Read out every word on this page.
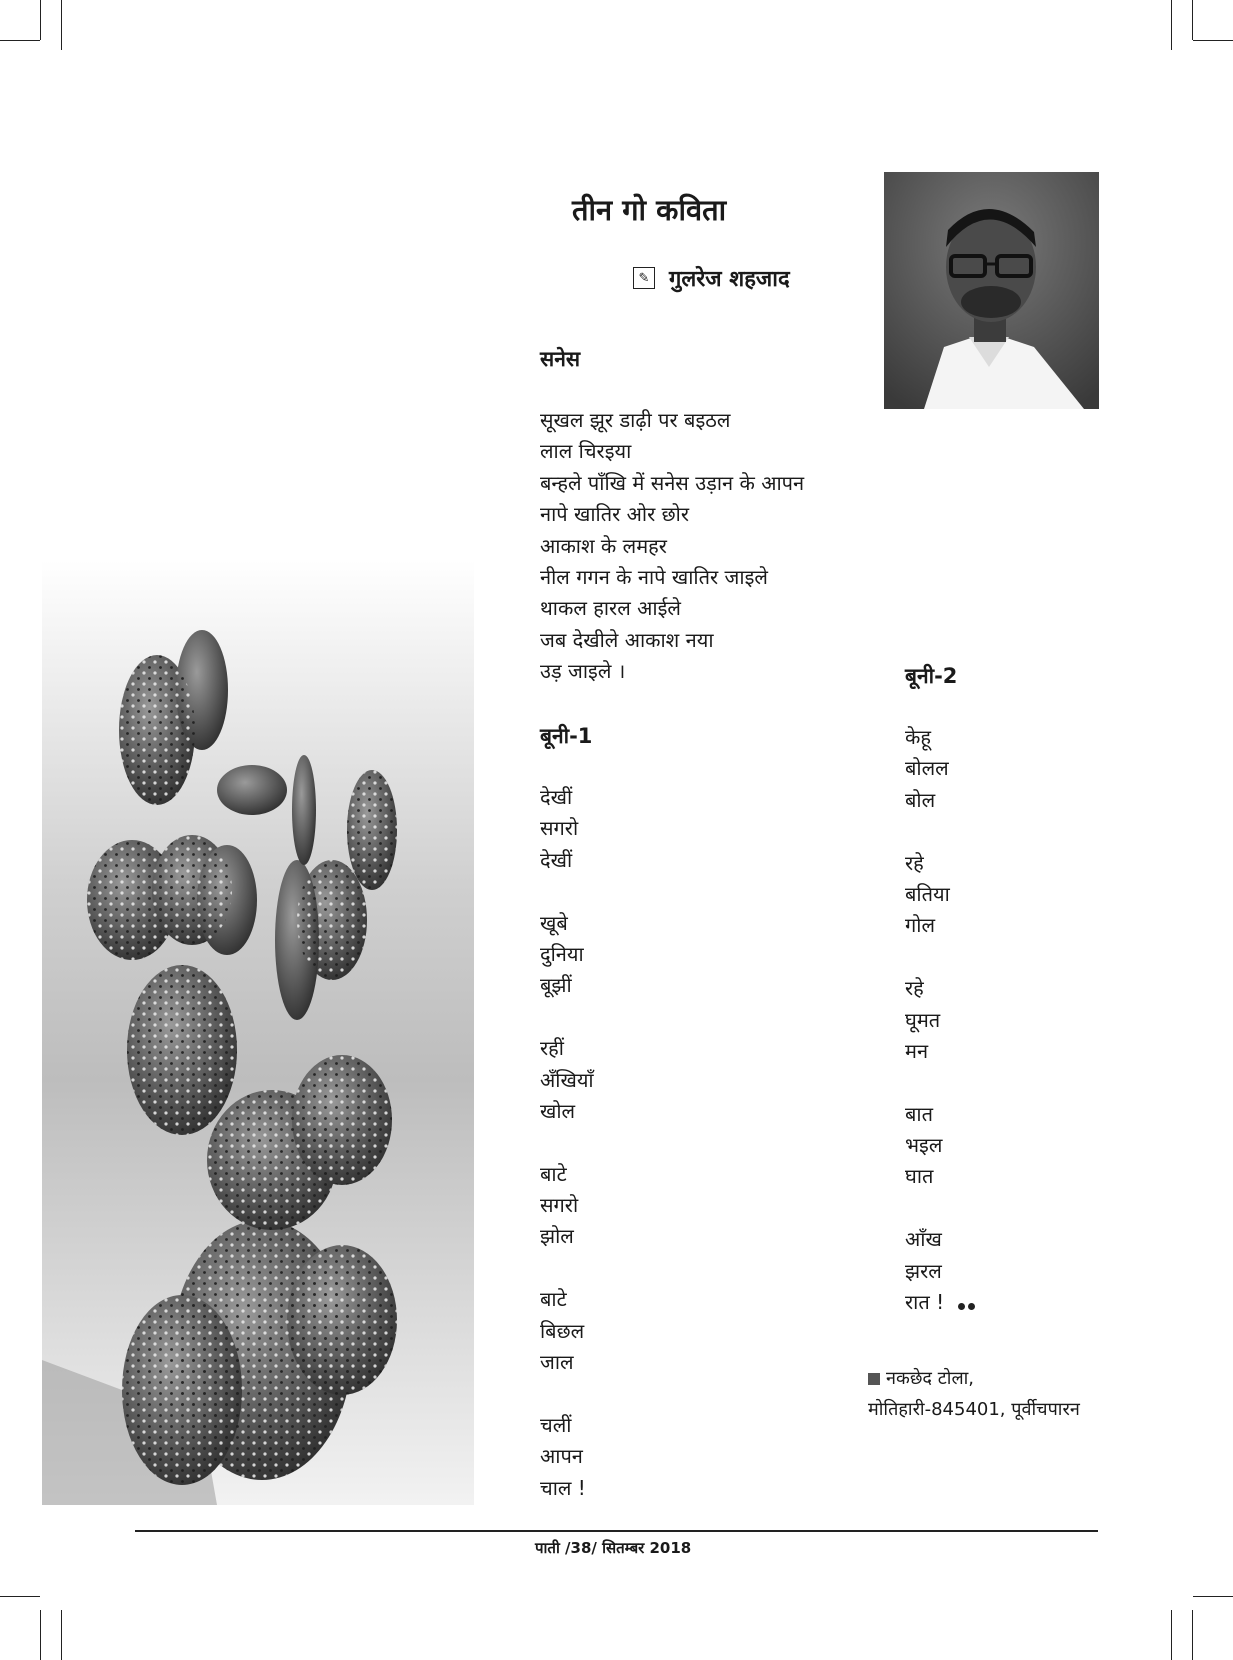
तीन गो कविता
✎ गुलरेज शहजाद
सनेस
सूखल झूर डाढ़ी पर बइठल
लाल चिरइया
बन्हले पाँखि में सनेस उड़ान के आपन
नापे खातिर ओर छोर
आकाश के लमहर
नील गगन के नापे खातिर जाइले
थाकल हारल आईले
जब देखीले आकाश नया
उड़ जाइले ।
बूनी-1
देखीं
सगरो
देखीं
खूबे
दुनिया
बूझीं
रहीं
अँखियाँ
खोल
बाटे
सगरो
झोल
बाटे
बिछल
जाल
चलीं
आपन
चाल !
बूनी-2
केहू
बोलल
बोल
रहे
बतिया
गोल
रहे
घूमत
मन
बात
भइल
घात
आँख
झरल
रात !
नकछेद टोला,
मोतिहारी-845401, पूर्वीचपारन
पाती /38/ सितम्बर 2018
